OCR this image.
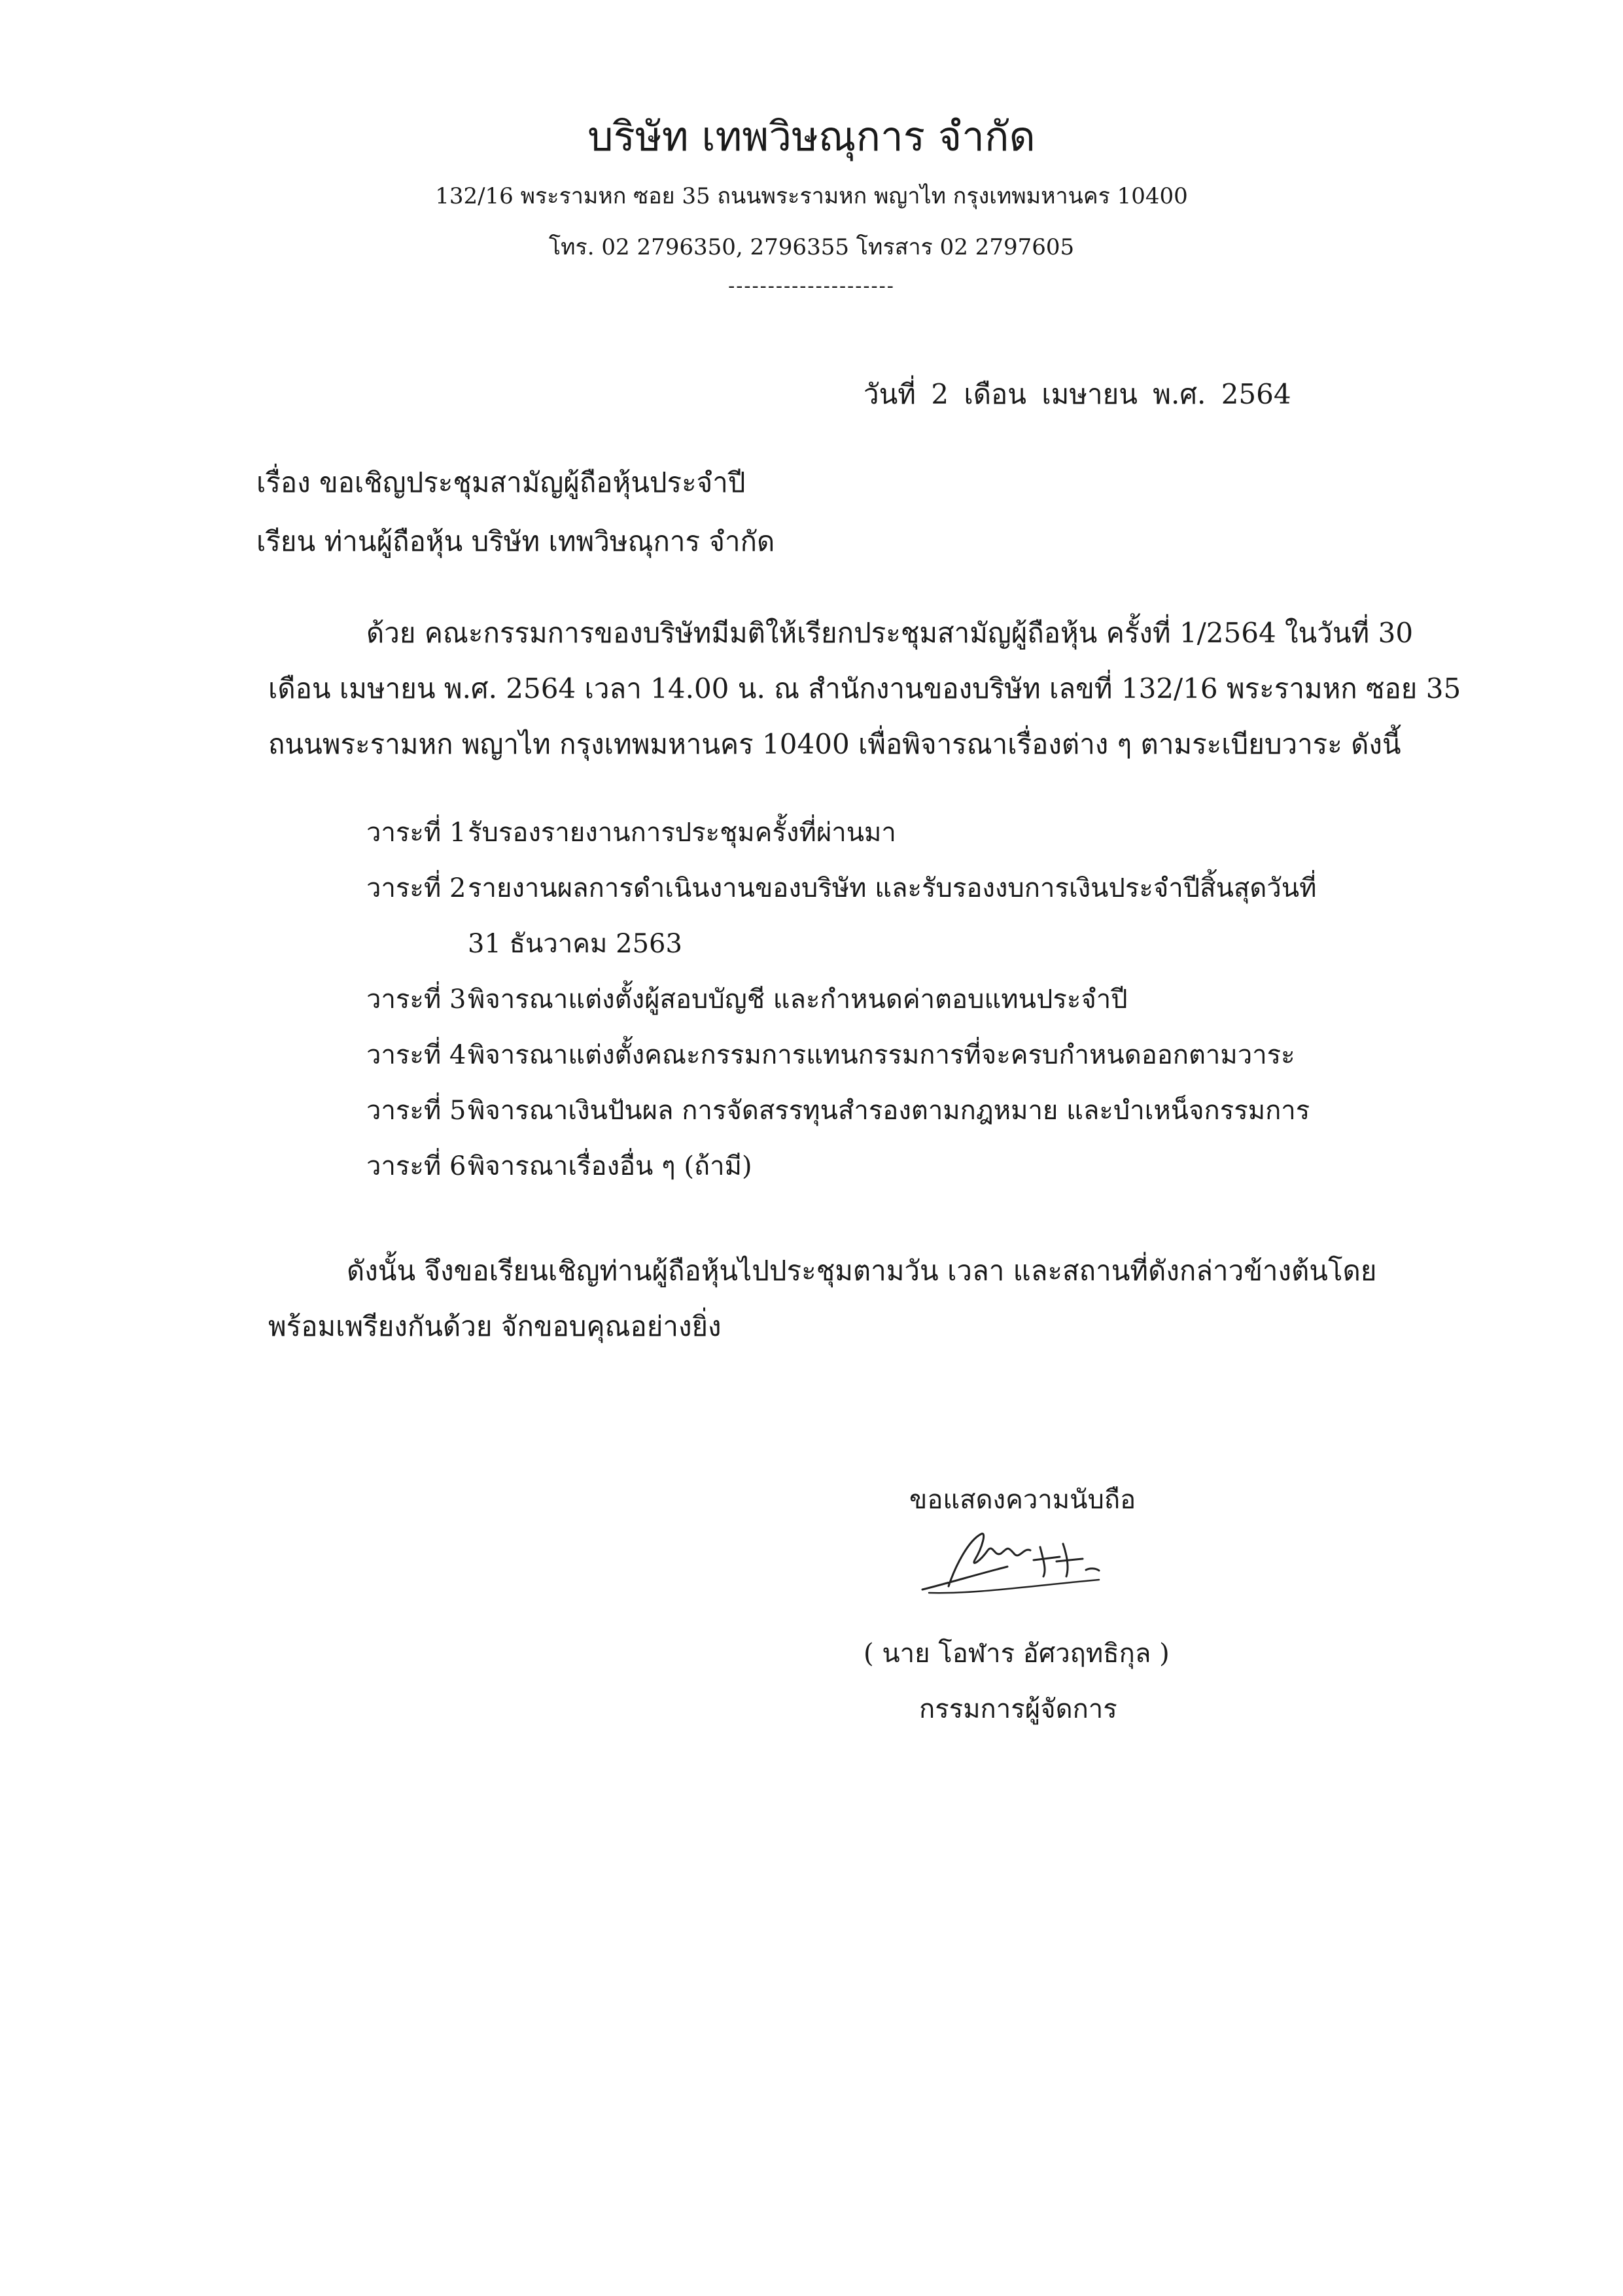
บริษัท เทพวิษณุการ จำกัด
132/16 พระรามหก ซอย 35 ถนนพระรามหก พญาไท กรุงเทพมหานคร 10400
โทร. 02 2796350, 2796355 โทรสาร 02 2797605
---------------------
วันที่ 2 เดือน เมษายน พ.ศ. 2564
เรื่อง ขอเชิญประชุมสามัญผู้ถือหุ้นประจำปี
เรียน ท่านผู้ถือหุ้น บริษัท เทพวิษณุการ จำกัด
ด้วย คณะกรรมการของบริษัทมีมติให้เรียกประชุมสามัญผู้ถือหุ้น ครั้งที่ 1/2564 ในวันที่ 30
เดือน เมษายน พ.ศ. 2564 เวลา 14.00 น. ณ สำนักงานของบริษัท เลขที่ 132/16 พระรามหก ซอย 35
ถนนพระรามหก พญาไท กรุงเทพมหานคร 10400 เพื่อพิจารณาเรื่องต่าง ๆ ตามระเบียบวาระ ดังนี้
วาระที่ 1รับรองรายงานการประชุมครั้งที่ผ่านมา
วาระที่ 2รายงานผลการดำเนินงานของบริษัท และรับรองงบการเงินประจำปีสิ้นสุดวันที่
31 ธันวาคม 2563
วาระที่ 3พิจารณาแต่งตั้งผู้สอบบัญชี และกำหนดค่าตอบแทนประจำปี
วาระที่ 4พิจารณาแต่งตั้งคณะกรรมการแทนกรรมการที่จะครบกำหนดออกตามวาระ
วาระที่ 5พิจารณาเงินปันผล การจัดสรรทุนสำรองตามกฎหมาย และบำเหน็จกรรมการ
วาระที่ 6พิจารณาเรื่องอื่น ๆ (ถ้ามี)
ดังนั้น จึงขอเรียนเชิญท่านผู้ถือหุ้นไปประชุมตามวัน เวลา และสถานที่ดังกล่าวข้างต้นโดย
พร้อมเพรียงกันด้วย จักขอบคุณอย่างยิ่ง
ขอแสดงความนับถือ
( นาย โอฬาร อัศวฤทธิกุล )
กรรมการผู้จัดการ
